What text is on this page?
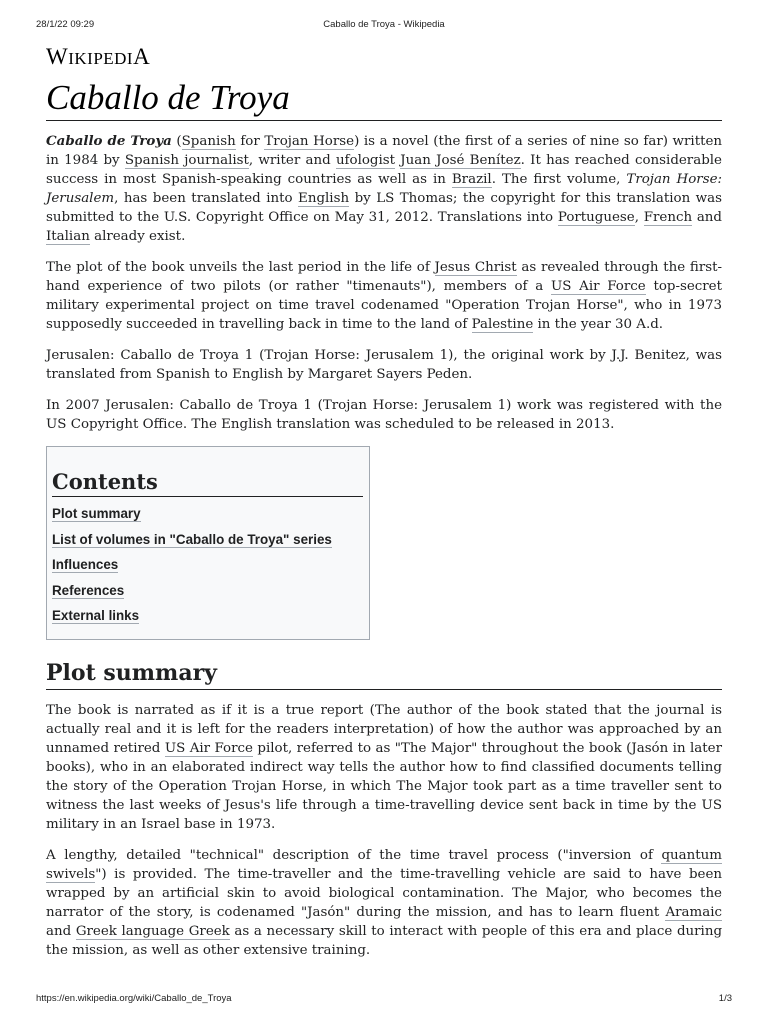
28/1/22 09:29	Caballo de Troya - Wikipedia
WIKIPEDIA
Caballo de Troya

Caballo de Troya (Spanish for Trojan Horse) is a novel (the first of a series of nine so far) written in 1984 by Spanish journalist, writer and ufologist Juan José Benítez. It has reached considerable success in most Spanish-speaking countries as well as in Brazil. The first volume, Trojan Horse: Jerusalem, has been translated into English by LS Thomas; the copyright for this translation was submitted to the U.S. Copyright Office on May 31, 2012. Translations into Portuguese, French and Italian already exist.

The plot of the book unveils the last period in the life of Jesus Christ as revealed through the first-hand experience of two pilots (or rather "timenauts"), members of a US Air Force top-secret military experimental project on time travel codenamed "Operation Trojan Horse", who in 1973 supposedly succeeded in travelling back in time to the land of Palestine in the year 30 A.d.

Jerusalen: Caballo de Troya 1 (Trojan Horse: Jerusalem 1), the original work by J.J. Benitez, was translated from Spanish to English by Margaret Sayers Peden.

In 2007 Jerusalen: Caballo de Troya 1 (Trojan Horse: Jerusalem 1) work was registered with the US Copyright Office. The English translation was scheduled to be released in 2013.

Contents
Plot summary
List of volumes in "Caballo de Troya" series
Influences
References
External links
Plot summary

The book is narrated as if it is a true report (The author of the book stated that the journal is actually real and it is left for the readers interpretation) of how the author was approached by an unnamed retired US Air Force pilot, referred to as "The Major" throughout the book (Jasón in later books), who in an elaborated indirect way tells the author how to find classified documents telling the story of the Operation Trojan Horse, in which The Major took part as a time traveller sent to witness the last weeks of Jesus's life through a time-travelling device sent back in time by the US military in an Israel base in 1973.

A lengthy, detailed "technical" description of the time travel process ("inversion of quantum swivels") is provided. The time-traveller and the time-travelling vehicle are said to have been wrapped by an artificial skin to avoid biological contamination. The Major, who becomes the narrator of the story, is codenamed "Jasón" during the mission, and has to learn fluent Aramaic and Greek language Greek as a necessary skill to interact with people of this era and place during the mission, as well as other extensive training.

https://en.wikipedia.org/wiki/Caballo_de_Troya	1/3
